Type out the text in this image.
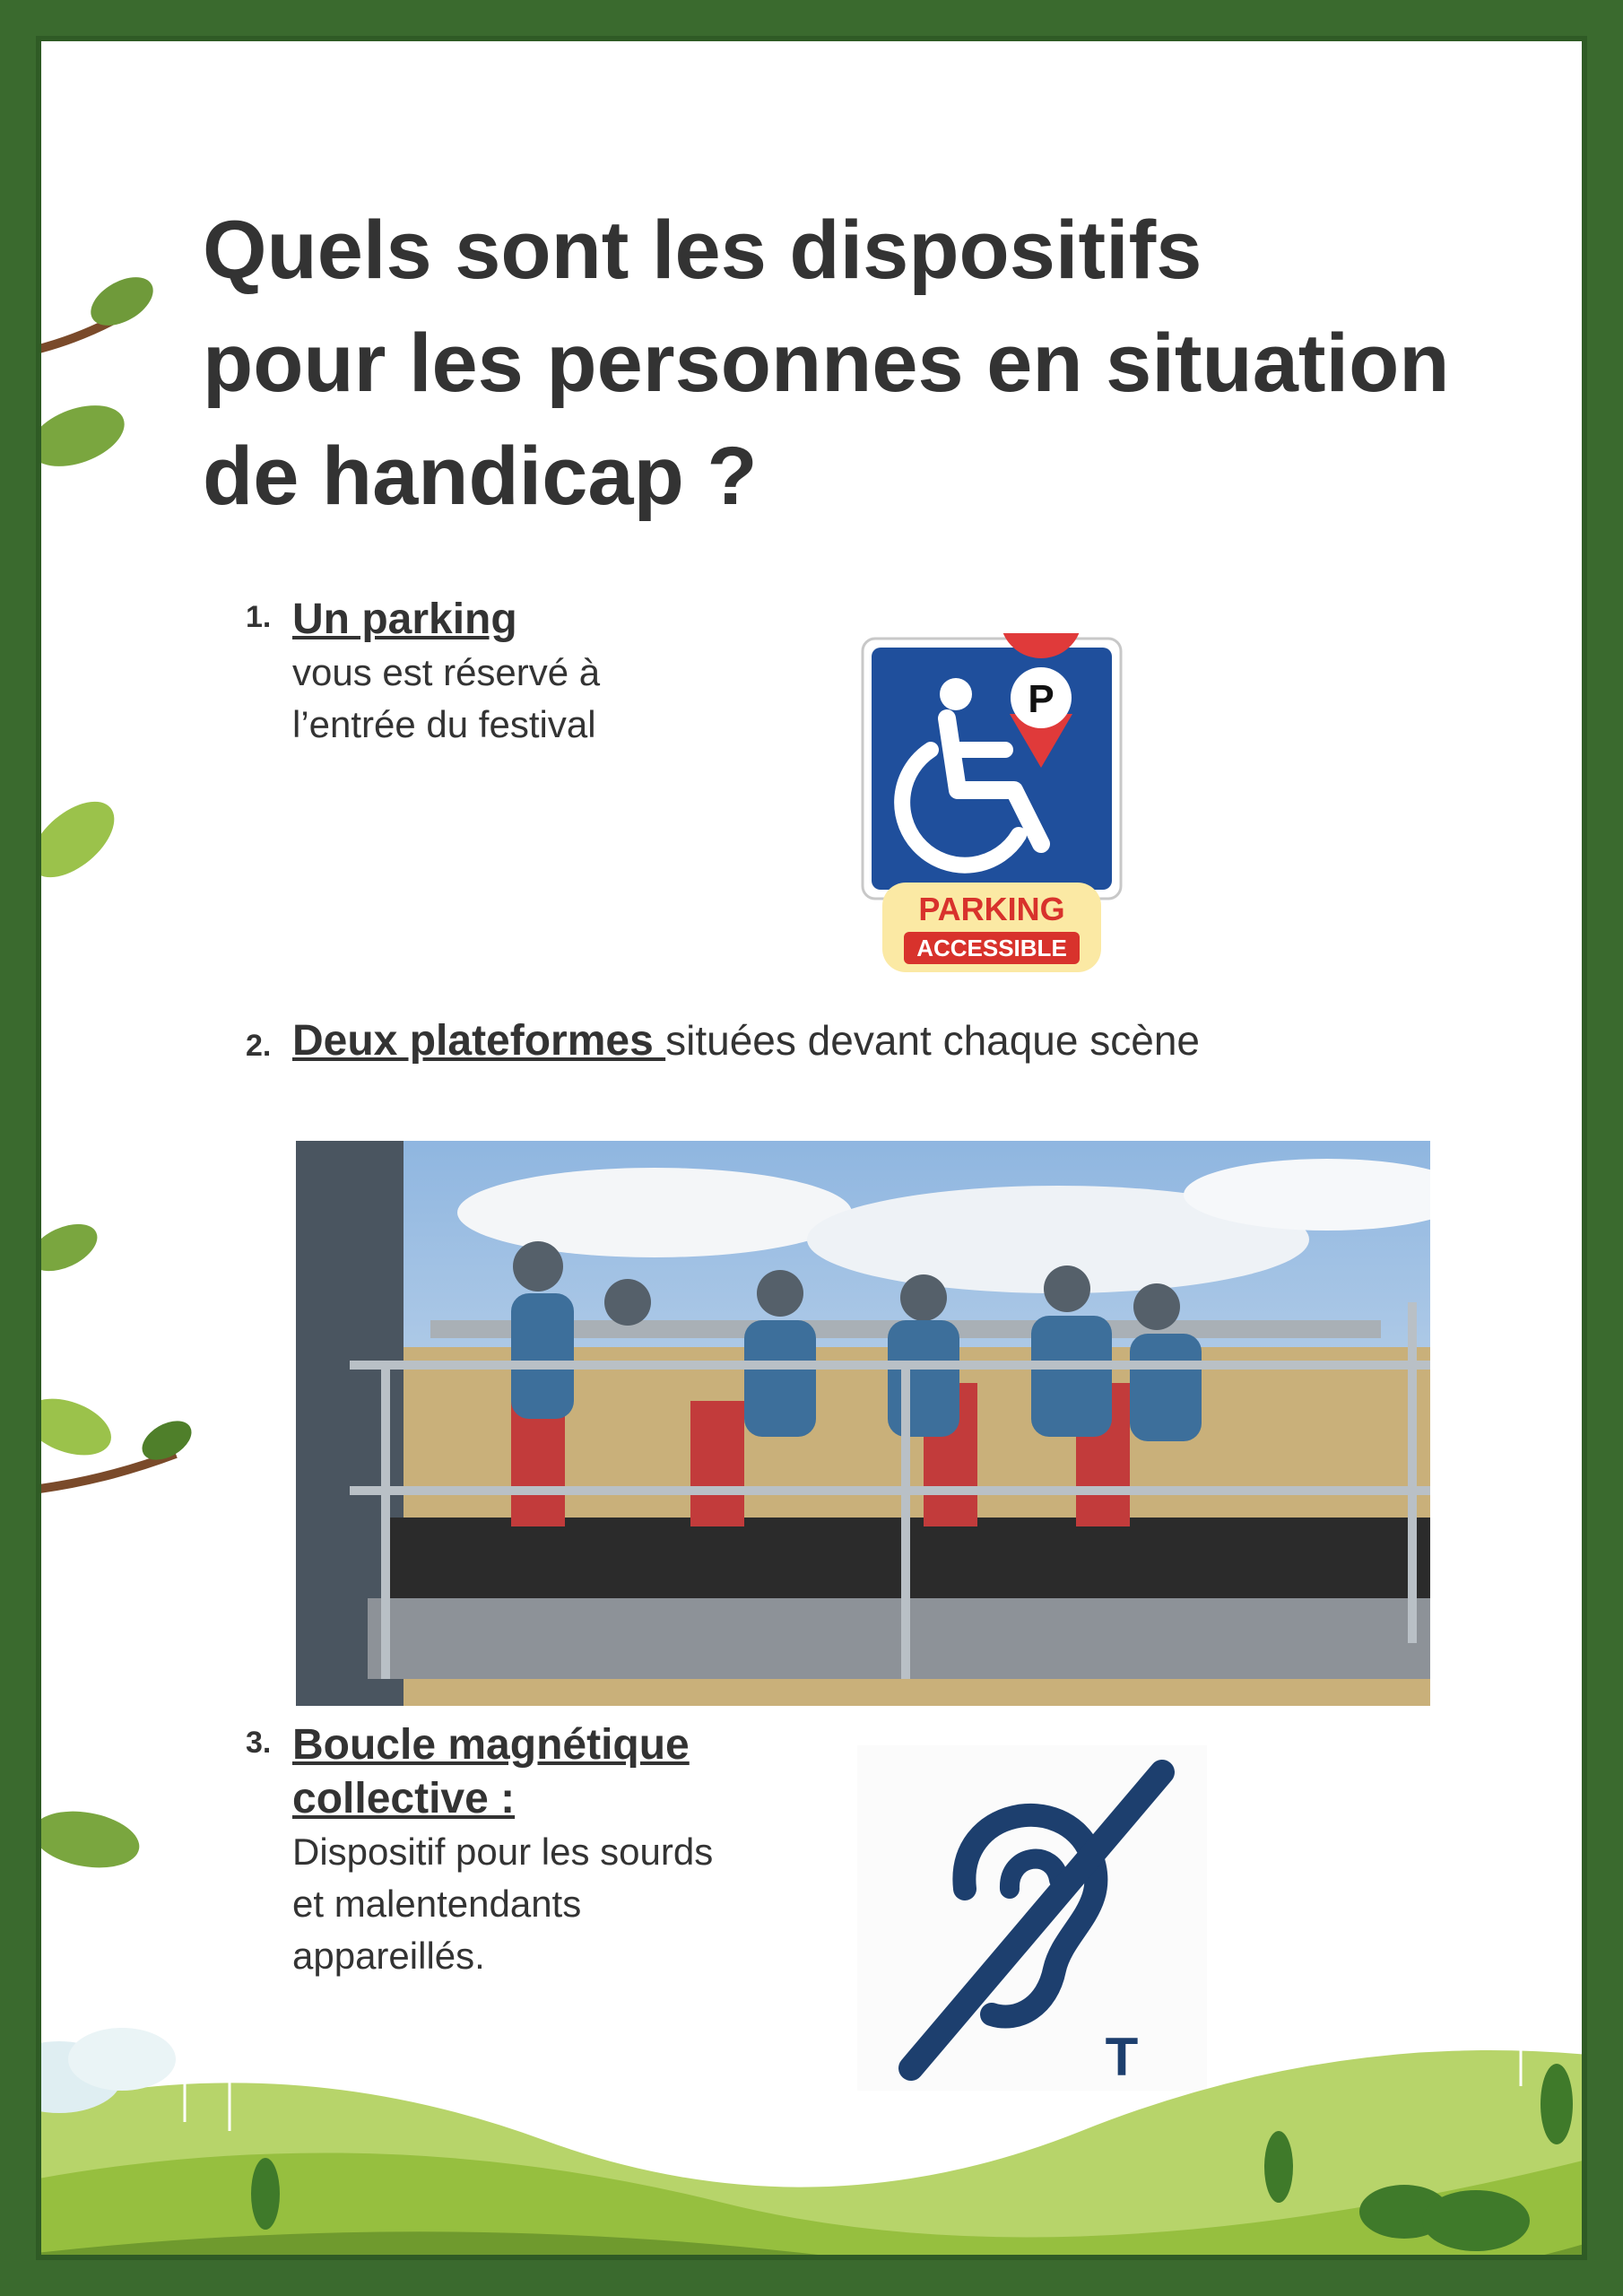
Quels sont les dispositifs
pour les personnes en situation
de handicap ?
1. Un parking
vous est réservé à
l’entrée du festival
P
PARKING
ACCESSIBLE
2. Deux plateformes situées devant chaque scène
3. Boucle magnétique
collective :
Dispositif pour les sourds
et malentendants
appareillés.
T
